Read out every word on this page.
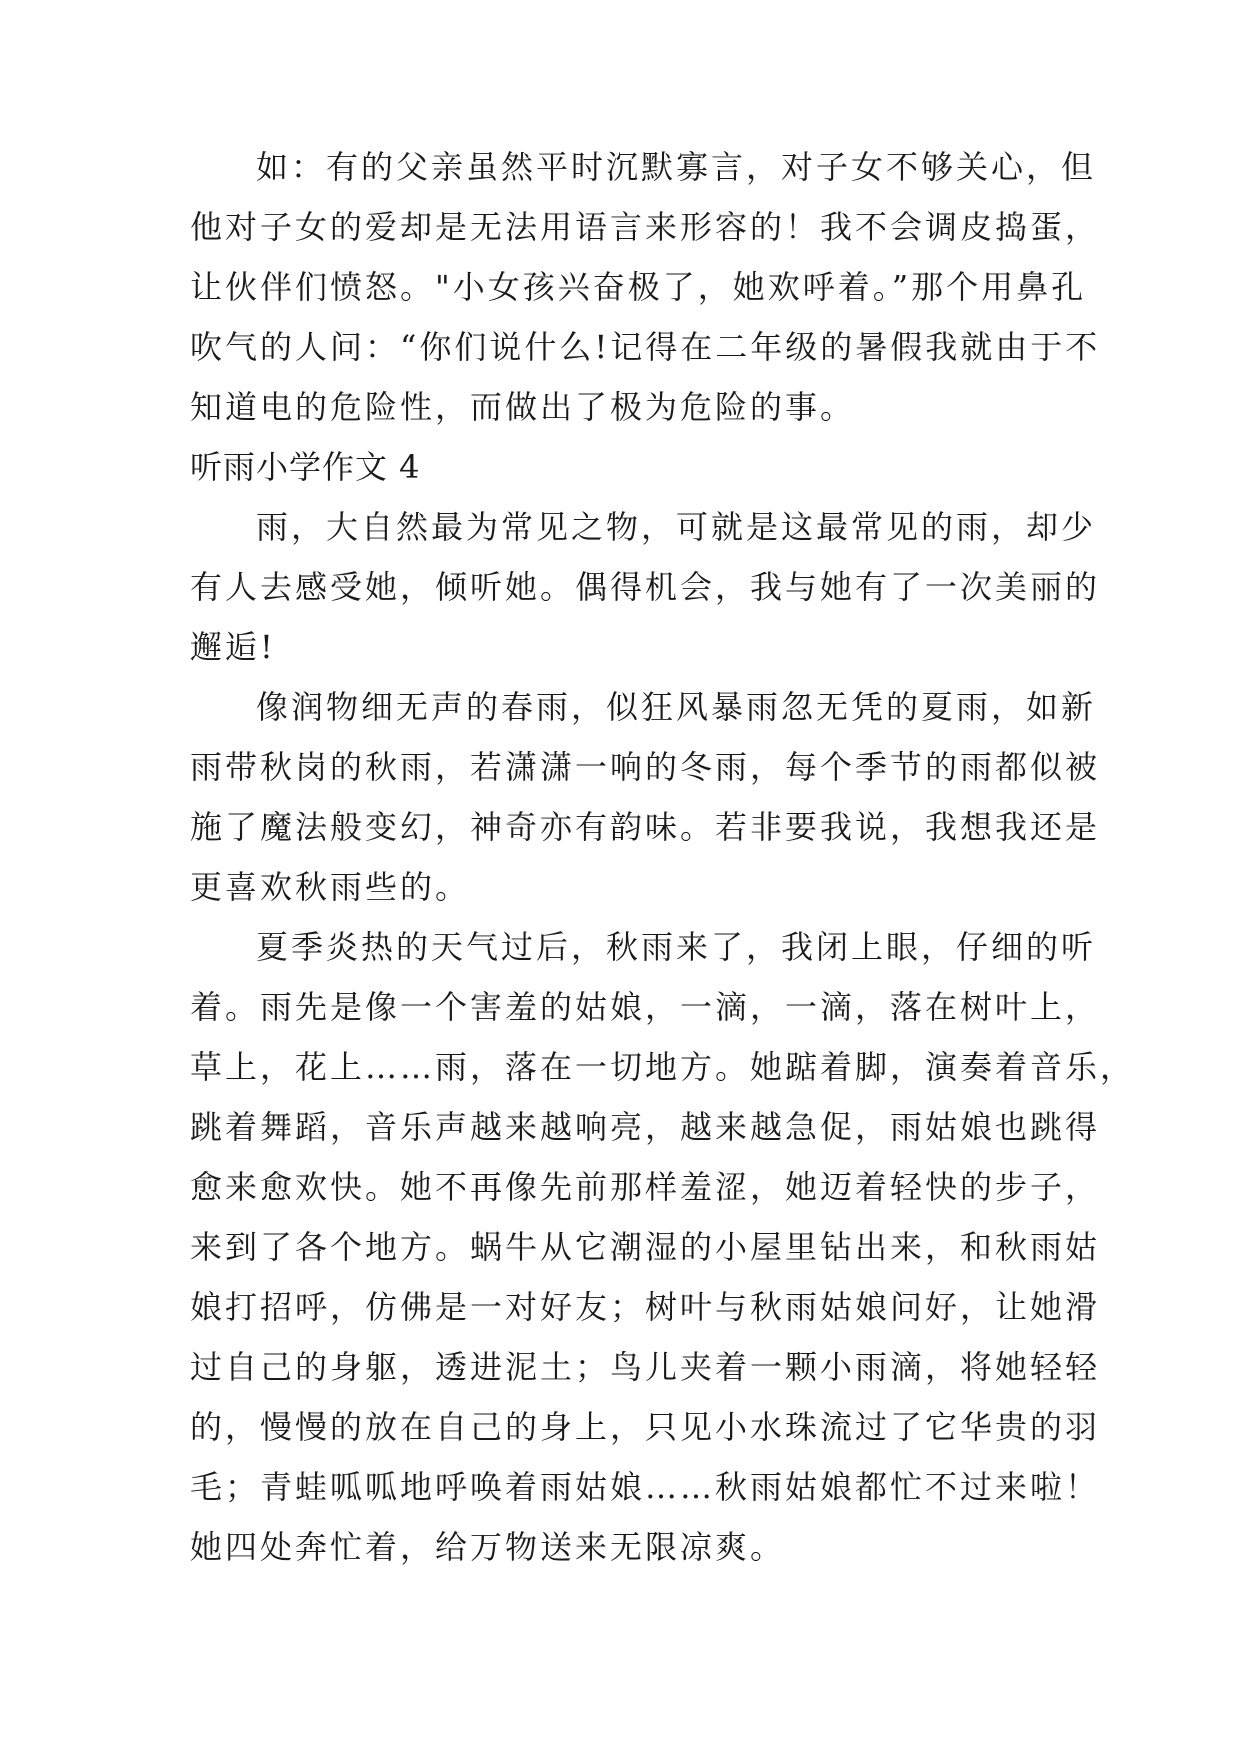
如：有的父亲虽然平时沉默寡言，对子女不够关心，但
他对子女的爱却是无法用语言来形容的！我不会调皮捣蛋，
让伙伴们愤怒。"小女孩兴奋极了，她欢呼着。”那个用鼻孔
吹气的人问：“你们说什么!记得在二年级的暑假我就由于不
知道电的危险性，而做出了极为危险的事。
听雨小学作文 4
雨，大自然最为常见之物，可就是这最常见的雨，却少
有人去感受她，倾听她。偶得机会，我与她有了一次美丽的
邂逅!
像润物细无声的春雨，似狂风暴雨忽无凭的夏雨，如新
雨带秋岗的秋雨，若潇潇一响的冬雨，每个季节的雨都似被
施了魔法般变幻，神奇亦有韵味。若非要我说，我想我还是
更喜欢秋雨些的。
夏季炎热的天气过后，秋雨来了，我闭上眼，仔细的听
着。雨先是像一个害羞的姑娘，一滴，一滴，落在树叶上，
草上，花上……雨，落在一切地方。她踮着脚，演奏着音乐，
跳着舞蹈，音乐声越来越响亮，越来越急促，雨姑娘也跳得
愈来愈欢快。她不再像先前那样羞涩，她迈着轻快的步子，
来到了各个地方。蜗牛从它潮湿的小屋里钻出来，和秋雨姑
娘打招呼，仿佛是一对好友；树叶与秋雨姑娘问好，让她滑
过自己的身躯，透进泥土；鸟儿夹着一颗小雨滴，将她轻轻
的，慢慢的放在自己的身上，只见小水珠流过了它华贵的羽
毛；青蛙呱呱地呼唤着雨姑娘……秋雨姑娘都忙不过来啦！
她四处奔忙着，给万物送来无限凉爽。
